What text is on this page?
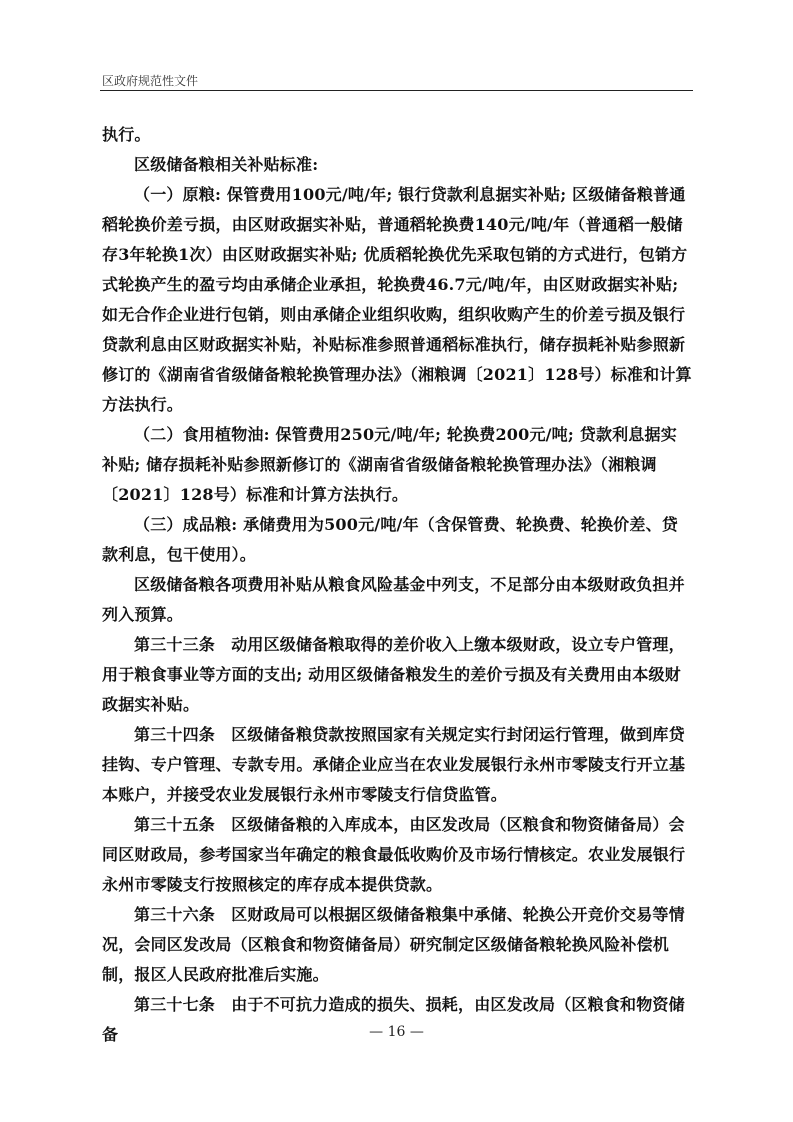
区政府规范性文件

执行。

区级储备粮相关补贴标准:

（一）原粮: 保管费用100元/吨/年; 银行贷款利息据实补贴; 区级储备粮普通稻轮换价差亏损，由区财政据实补贴，普通稻轮换费140元/吨/年（普通稻一般储存3年轮换1次）由区财政据实补贴; 优质稻轮换优先采取包销的方式进行，包销方式轮换产生的盈亏均由承储企业承担，轮换费46.7元/吨/年，由区财政据实补贴; 如无合作企业进行包销，则由承储企业组织收购，组织收购产生的价差亏损及银行贷款利息由区财政据实补贴，补贴标准参照普通稻标准执行，储存损耗补贴参照新修订的《湖南省省级储备粮轮换管理办法》（湘粮调〔2021〕128号）标准和计算方法执行。

（二）食用植物油: 保管费用250元/吨/年; 轮换费200元/吨; 贷款利息据实补贴; 储存损耗补贴参照新修订的《湖南省省级储备粮轮换管理办法》（湘粮调〔2021〕128号）标准和计算方法执行。

（三）成品粮: 承储费用为500元/吨/年（含保管费、轮换费、轮换价差、贷款利息，包干使用）。

区级储备粮各项费用补贴从粮食风险基金中列支，不足部分由本级财政负担并列入预算。

第三十三条　动用区级储备粮取得的差价收入上缴本级财政，设立专户管理，用于粮食事业等方面的支出; 动用区级储备粮发生的差价亏损及有关费用由本级财政据实补贴。

第三十四条　区级储备粮贷款按照国家有关规定实行封闭运行管理，做到库贷挂钩、专户管理、专款专用。承储企业应当在农业发展银行永州市零陵支行开立基本账户，并接受农业发展银行永州市零陵支行信贷监管。

第三十五条　区级储备粮的入库成本，由区发改局（区粮食和物资储备局）会同区财政局，参考国家当年确定的粮食最低收购价及市场行情核定。农业发展银行永州市零陵支行按照核定的库存成本提供贷款。

第三十六条　区财政局可以根据区级储备粮集中承储、轮换公开竞价交易等情况，会同区发改局（区粮食和物资储备局）研究制定区级储备粮轮换风险补偿机制，报区人民政府批准后实施。

第三十七条　由于不可抗力造成的损失、损耗，由区发改局（区粮食和物资储备	— 16 —
